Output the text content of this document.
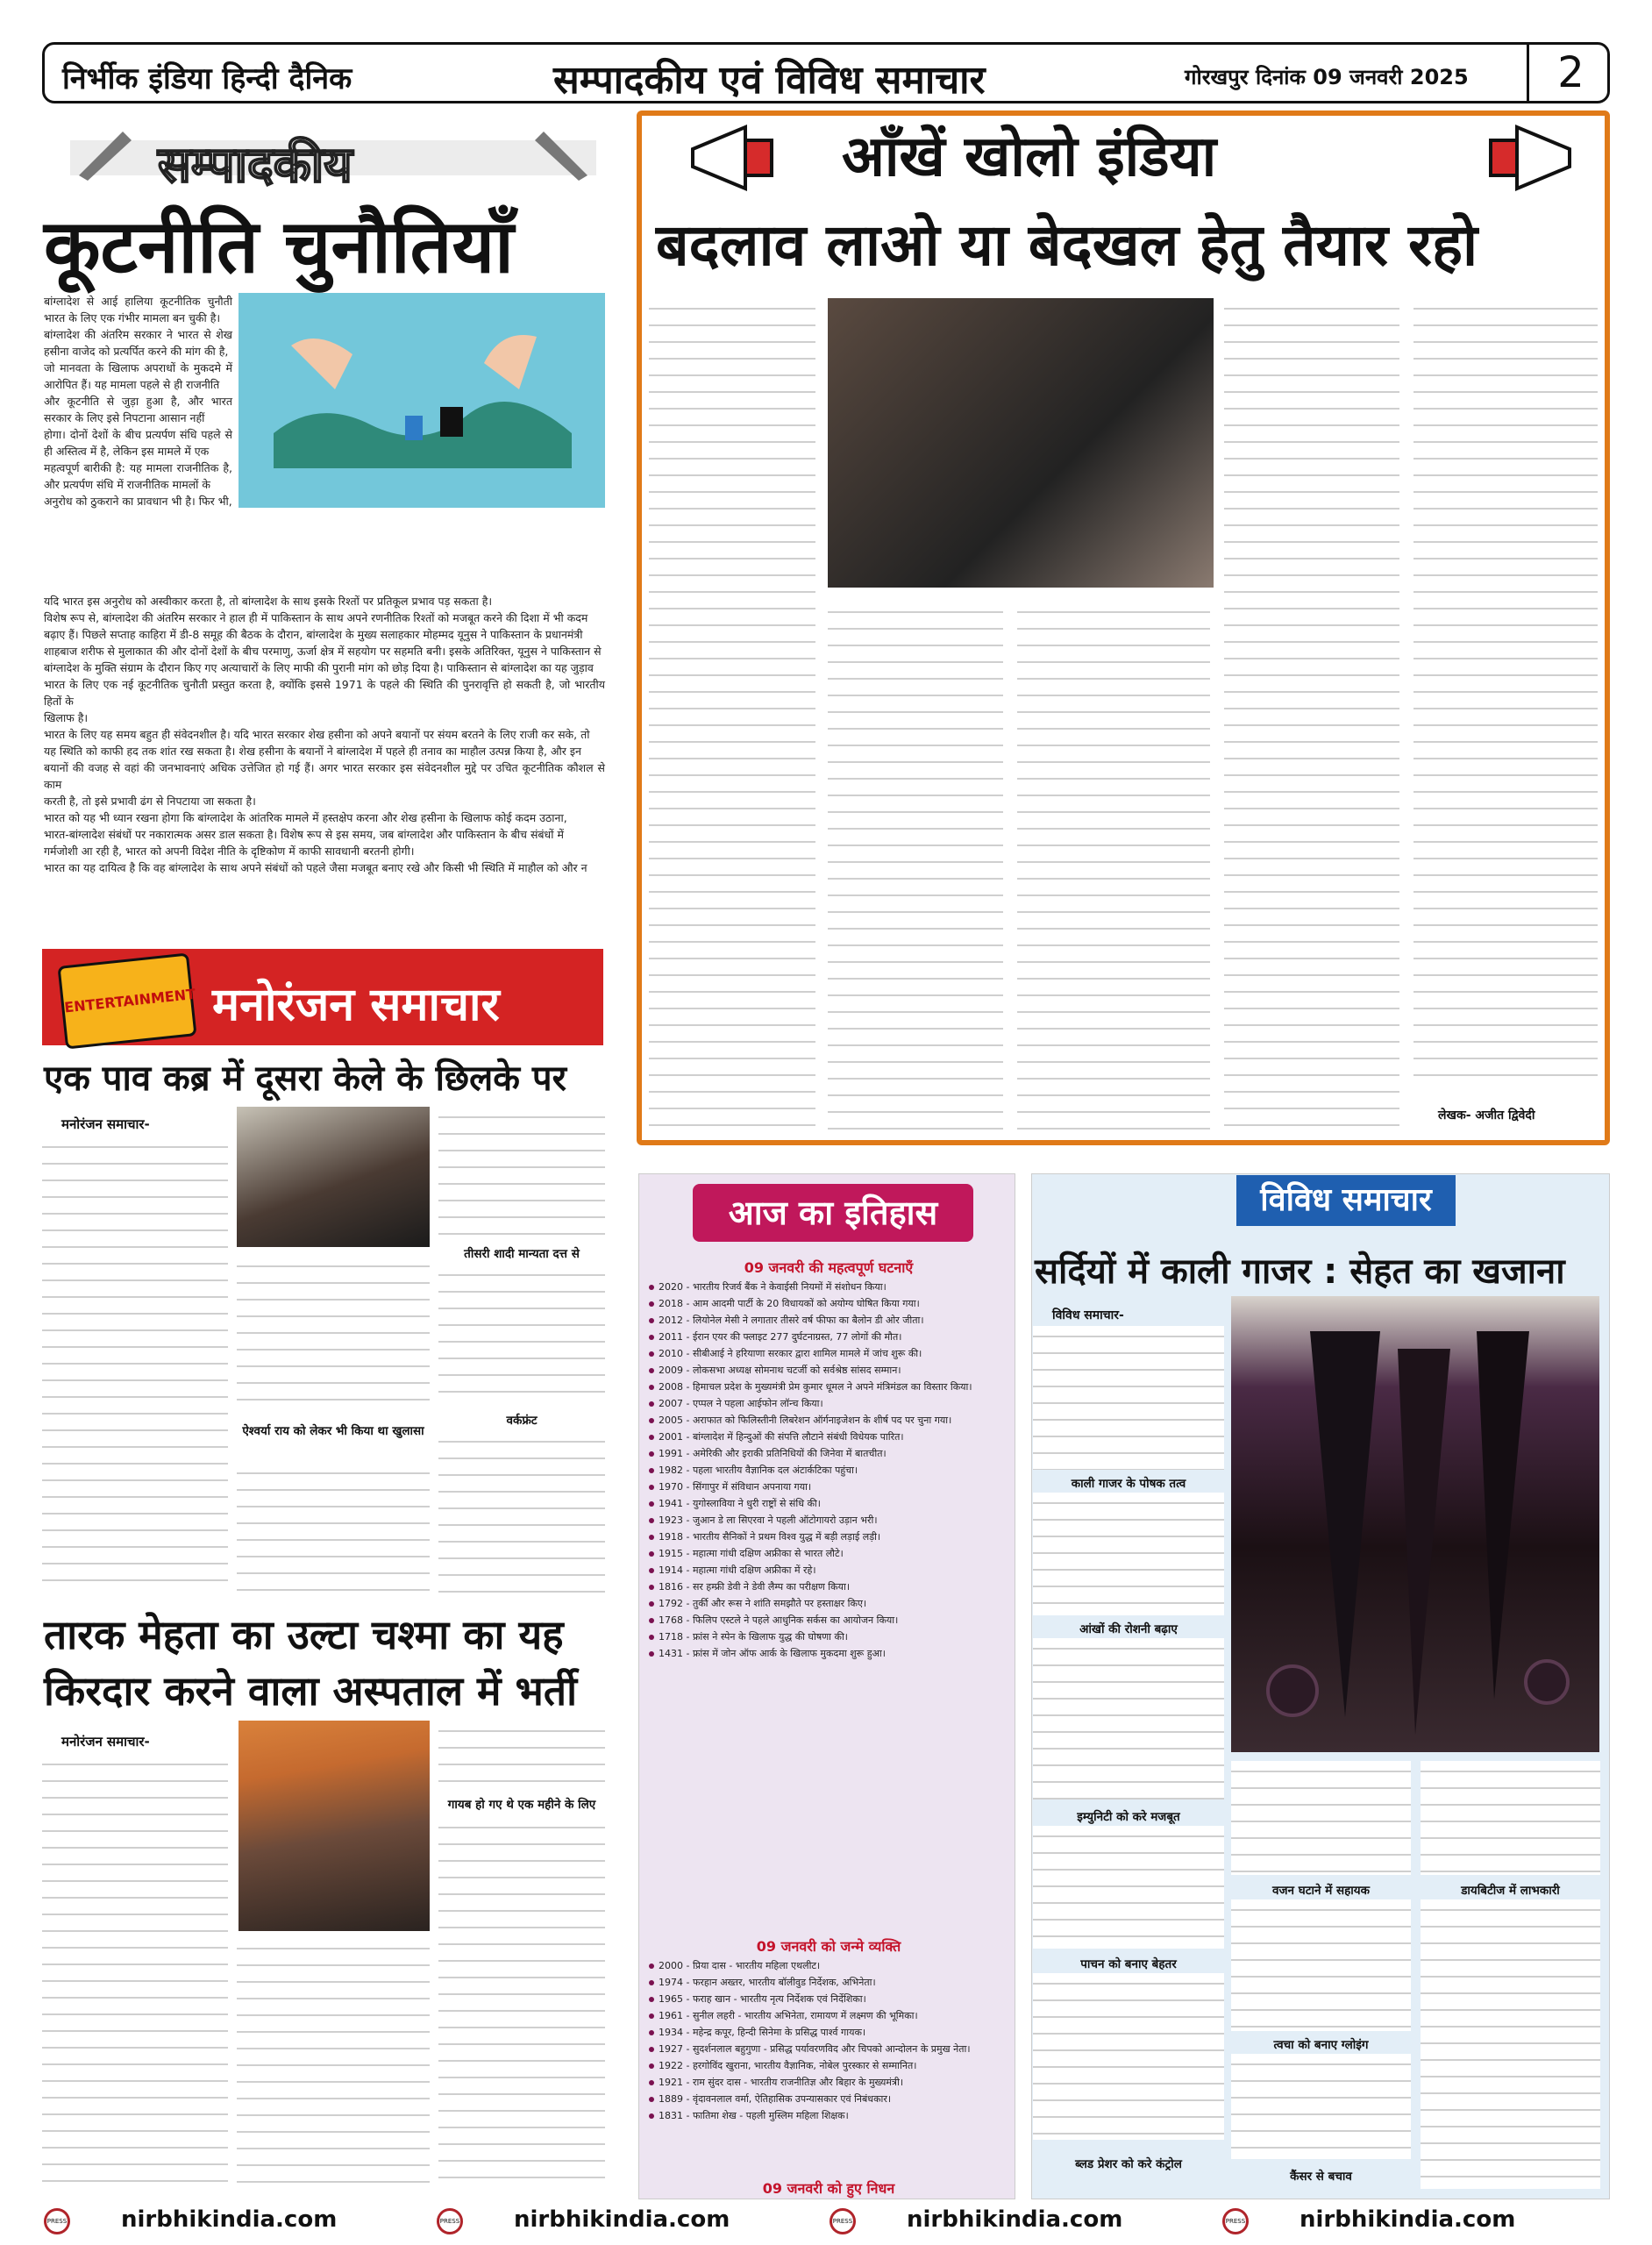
निर्भीक इंडिया हिन्दी दैनिक	सम्पादकीय एवं विविध समाचार	गोरखपुर दिनांक 09 जनवरी 2025	2
सम्पादकीय
कूटनीति चुनौतियाँ

बांग्लादेश से आई हालिया कूटनीतिक चुनौती भारत के लिए एक गंभीर मामला बन चुकी है।

बांग्लादेश की अंतरिम सरकार ने भारत से शेख हसीना वाजेद को प्रत्यर्पित करने की मांग की है,

जो मानवता के खिलाफ अपराधों के मुकदमे में आरोपित हैं। यह मामला पहले से ही राजनीति

और कूटनीति से जुड़ा हुआ है, और भारत सरकार के लिए इसे निपटाना आसान नहीं

होगा। दोनों देशों के बीच प्रत्यर्पण संधि पहले से ही अस्तित्व में है, लेकिन इस मामले में एक

महत्वपूर्ण बारीकी है: यह मामला राजनीतिक है, और प्रत्यर्पण संधि में राजनीतिक मामलों के

अनुरोध को ठुकराने का प्रावधान भी है। फिर भी,

यदि भारत इस अनुरोध को अस्वीकार करता है, तो बांग्लादेश के साथ इसके रिश्तों पर प्रतिकूल प्रभाव पड़ सकता है।

विशेष रूप से, बांग्लादेश की अंतरिम सरकार ने हाल ही में पाकिस्तान के साथ अपने रणनीतिक रिश्तों को मजबूत करने की दिशा में भी कदम

बढ़ाए हैं। पिछले सप्ताह काहिरा में डी-8 समूह की बैठक के दौरान, बांग्लादेश के मुख्य सलाहकार मोहम्मद यूनुस ने पाकिस्तान के प्रधानमंत्री

शाहबाज शरीफ से मुलाकात की और दोनों देशों के बीच परमाणु, ऊर्जा क्षेत्र में सहयोग पर सहमति बनी। इसके अतिरिक्त, यूनुस ने पाकिस्तान से

बांग्लादेश के मुक्ति संग्राम के दौरान किए गए अत्याचारों के लिए माफी की पुरानी मांग को छोड़ दिया है। पाकिस्तान से बांग्लादेश का यह जुड़ाव

भारत के लिए एक नई कूटनीतिक चुनौती प्रस्तुत करता है, क्योंकि इससे 1971 के पहले की स्थिति की पुनरावृत्ति हो सकती है, जो भारतीय हितों के

खिलाफ है।

भारत के लिए यह समय बहुत ही संवेदनशील है। यदि भारत सरकार शेख हसीना को अपने बयानों पर संयम बरतने के लिए राजी कर सके, तो

यह स्थिति को काफी हद तक शांत रख सकता है। शेख हसीना के बयानों ने बांग्लादेश में पहले ही तनाव का माहौल उत्पन्न किया है, और इन

बयानों की वजह से वहां की जनभावनाएं अधिक उत्तेजित हो गई हैं। अगर भारत सरकार इस संवेदनशील मुद्दे पर उचित कूटनीतिक कौशल से काम

करती है, तो इसे प्रभावी ढंग से निपटाया जा सकता है।

भारत को यह भी ध्यान रखना होगा कि बांग्लादेश के आंतरिक मामले में हस्तक्षेप करना और शेख हसीना के खिलाफ कोई कदम उठाना,

भारत-बांग्लादेश संबंधों पर नकारात्मक असर डाल सकता है। विशेष रूप से इस समय, जब बांग्लादेश और पाकिस्तान के बीच संबंधों में

गर्मजोशी आ रही है, भारत को अपनी विदेश नीति के दृष्टिकोण में काफी सावधानी बरतनी होगी।

भारत का यह दायित्व है कि वह बांग्लादेश के साथ अपने संबंधों को पहले जैसा मजबूत बनाए रखे और किसी भी स्थिति में माहौल को और न

आँखें खोलो इंडिया
बदलाव लाओ या बेदखल हेतु तैयार रहो
लेखक- अजीत द्विवेदी
ENTERTAINMENT मनोरंजन समाचार
एक पाव कब्र में दूसरा केले के छिलके पर
मनोरंजन समाचार-
ऐश्वर्या राय को लेकर भी किया था खुलासा
तीसरी शादी मान्यता दत्त से
वर्कफ्रंट
तारक मेहता का उल्टा चश्मा का यह किरदार करने वाला अस्पताल में भर्ती
मनोरंजन समाचार-
गायब हो गए थे एक महीने के लिए
आज का इतिहास
09 जनवरी की महत्वपूर्ण घटनाएँ
2020 - भारतीय रिजर्व बैंक ने केवाईसी नियमों में संशोधन किया।
2018 - आम आदमी पार्टी के 20 विधायकों को अयोग्य घोषित किया गया।
2012 - लियोनेल मेसी ने लगातार तीसरे वर्ष फीफा का बैलोन डी ओर जीता।
2011 - ईरान एयर की फ्लाइट 277 दुर्घटनाग्रस्त, 77 लोगों की मौत।
2010 - सीबीआई ने हरियाणा सरकार द्वारा शामिल मामले में जांच शुरू की।
2009 - लोकसभा अध्यक्ष सोमनाथ चटर्जी को सर्वश्रेष्ठ सांसद सम्मान।
2008 - हिमाचल प्रदेश के मुख्यमंत्री प्रेम कुमार धूमल ने अपने मंत्रिमंडल का विस्तार किया।
2007 - एप्पल ने पहला आईफोन लॉन्च किया।
2005 - अराफात को फिलिस्तीनी लिबरेशन ऑर्गनाइजेशन के शीर्ष पद पर चुना गया।
2001 - बांग्लादेश में हिन्दुओं की संपत्ति लौटाने संबंधी विधेयक पारित।
1991 - अमेरिकी और इराकी प्रतिनिधियों की जिनेवा में बातचीत।
1982 - पहला भारतीय वैज्ञानिक दल अंटार्कटिका पहुंचा।
1970 - सिंगापुर में संविधान अपनाया गया।
1941 - युगोस्लाविया ने धुरी राष्ट्रों से संधि की।
1923 - जुआन डे ला सिएरवा ने पहली ऑटोगायरो उड़ान भरी।
1918 - भारतीय सैनिकों ने प्रथम विश्व युद्ध में बड़ी लड़ाई लड़ी।
1915 - महात्मा गांधी दक्षिण अफ्रीका से भारत लौटे।
1914 - महात्मा गांधी दक्षिण अफ्रीका में रहे।
1816 - सर हम्फ्री डेवी ने डेवी लैम्प का परीक्षण किया।
1792 - तुर्की और रूस ने शांति समझौते पर हस्ताक्षर किए।
1768 - फिलिप एस्टले ने पहले आधुनिक सर्कस का आयोजन किया।
1718 - फ्रांस ने स्पेन के खिलाफ युद्ध की घोषणा की।
1431 - फ्रांस में जोन ऑफ आर्क के खिलाफ मुकदमा शुरू हुआ।
09 जनवरी को जन्मे व्यक्ति
2000 - प्रिया दास - भारतीय महिला एथलीट।
1974 - फरहान अख्तर, भारतीय बॉलीवुड निर्देशक, अभिनेता।
1965 - फराह खान - भारतीय नृत्य निर्देशक एवं निर्देशिका।
1961 - सुनील लहरी - भारतीय अभिनेता, रामायण में लक्ष्मण की भूमिका।
1934 - महेन्द्र कपूर, हिन्दी सिनेमा के प्रसिद्ध पार्श्व गायक।
1927 - सुदर्शनलाल बहुगुणा - प्रसिद्ध पर्यावरणविद और चिपको आन्दोलन के प्रमुख नेता।
1922 - हरगोविंद खुराना, भारतीय वैज्ञानिक, नोबेल पुरस्कार से सम्मानित।
1921 - राम सुंदर दास - भारतीय राजनीतिज्ञ और बिहार के मुख्यमंत्री।
1889 - वृंदावनलाल वर्मा, ऐतिहासिक उपन्यासकार एवं निबंधकार।
1831 - फातिमा शेख - पहली मुस्लिम महिला शिक्षक।
09 जनवरी को हुए निधन
विविध समाचार
सर्दियों में काली गाजर : सेहत का खजाना
विविध समाचार-
काली गाजर के पोषक तत्व
आंखों की रोशनी बढ़ाए
इम्युनिटी को करे मजबूत
पाचन को बनाए बेहतर
ब्लड प्रेशर को करे कंट्रोल
वजन घटाने में सहायक
त्वचा को बनाए ग्लोइंग
कैंसर से बचाव
डायबिटीज में लाभकारी
PRESS nirbhikindia.com	PRESS nirbhikindia.com	PRESS nirbhikindia.com	PRESS nirbhikindia.com
